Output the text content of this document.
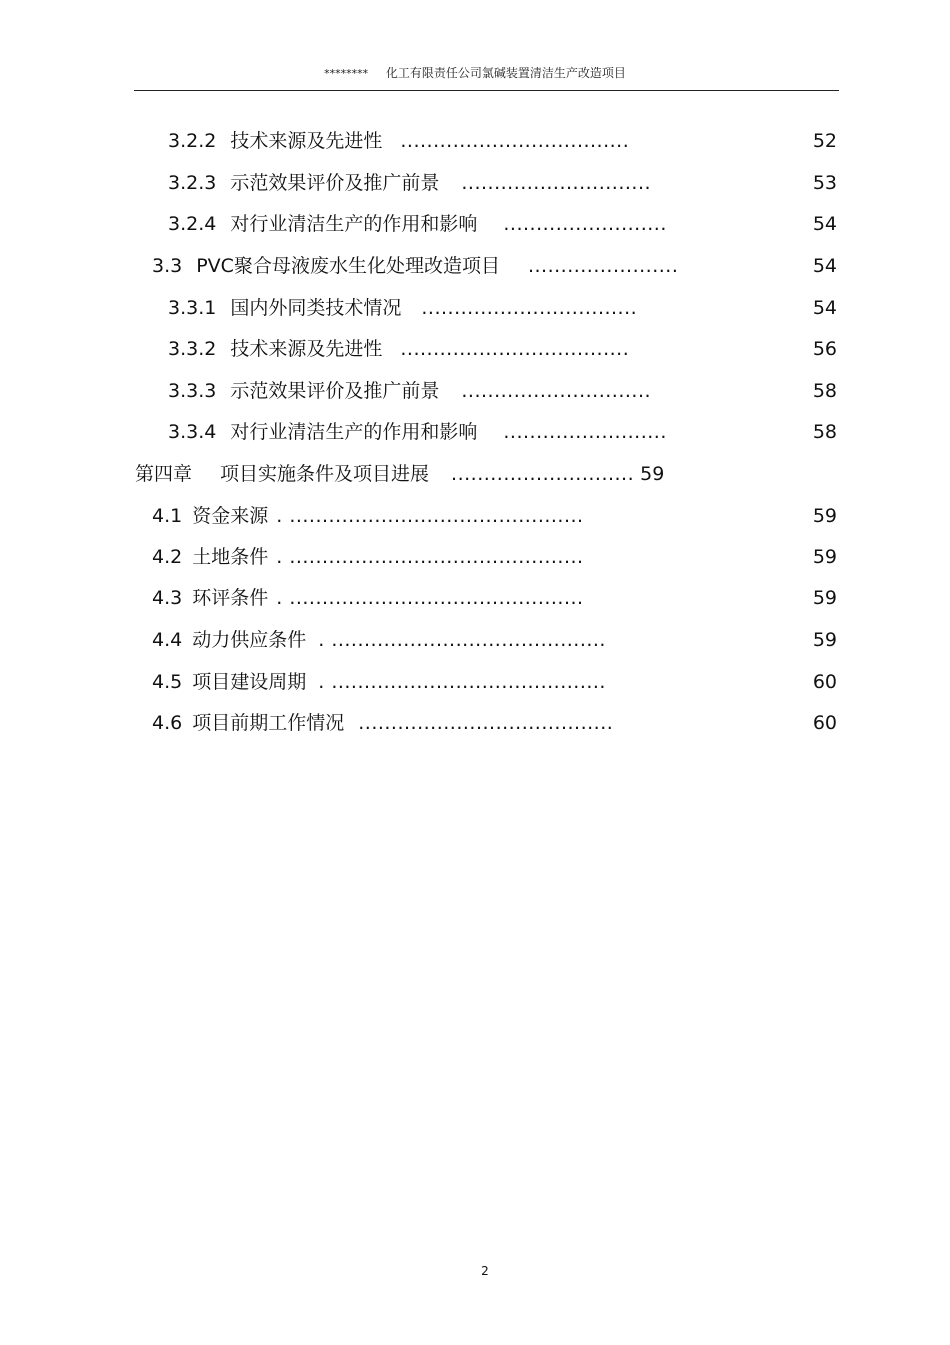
******** 化工有限责任公司氯碱装置清洁生产改造项目
3.2.2 技术来源及先进性 ...................................	52
3.2.3 示范效果评价及推广前景 .............................	53
3.2.4 对行业清洁生产的作用和影响 .........................	54
3.3 PVC聚合母液废水生化处理改造项目 .......................	54
3.3.1 国内外同类技术情况 .................................	54
3.3.2 技术来源及先进性 ...................................	56
3.3.3 示范效果评价及推广前景 .............................	58
3.3.4 对行业清洁生产的作用和影响 .........................	58
第四章 项目实施条件及项目进展 ............................ 59
4.1 资金来源 . .............................................	59
4.2 土地条件 . .............................................	59
4.3 环评条件 . .............................................	59
4.4 动力供应条件 . ..........................................	59
4.5 项目建设周期 . ..........................................	60
4.6 项目前期工作情况 .......................................	60
2
